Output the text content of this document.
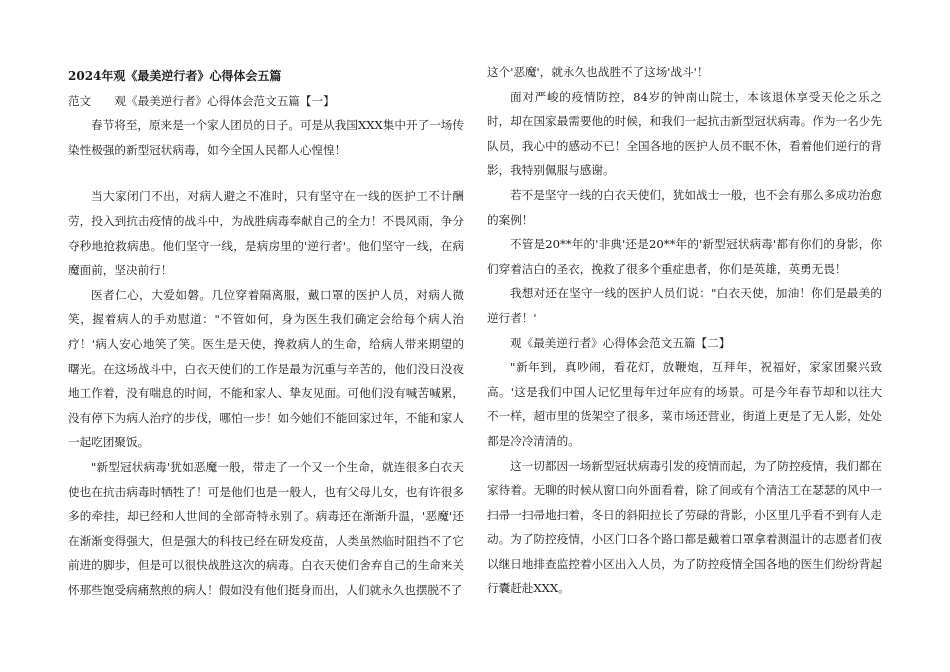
2024年观《最美逆行者》心得体会五篇

范文　　观《最美逆行者》心得体会范文五篇【一】

春节将至，原来是一个家人团员的日子。可是从我国XXX集中开了一场传染性极强的新型冠状病毒，如今全国人民都人心惶惶！

当大家闭门不出，对病人避之不准时，只有坚守在一线的医护工不计酬劳，投入到抗击疫情的战斗中，为战胜病毒奉献自己的全力！不畏风雨，争分夺秒地抢救病患。他们坚守一线，是病房里的'逆行者'。他们坚守一线，在病魔面前，坚决前行！

医者仁心，大爱如磐。几位穿着隔离服，戴口罩的医护人员，对病人微笑，握着病人的手劝慰道："不管如何，身为医生我们确定会给每个病人治疗！'病人安心地笑了笑。医生是天使，搀救病人的生命，给病人带来期望的曙光。在这场战斗中，白衣天使们的工作是最为沉重与辛苦的，他们没日没夜地工作着，没有喘息的时间，不能和家人、挚友见面。可他们没有喊苦喊累，没有停下为病人治疗的步伐，哪怕一步！如今她们不能回家过年，不能和家人一起吃团聚饭。

"新型冠状病毒'犹如恶魔一般，带走了一个又一个生命，就连很多白衣天使也在抗击病毒时牺牲了！可是他们也是一般人，也有父母儿女，也有许很多多的牵挂，却已经和人世间的全部奇特永别了。病毒还在渐渐升温，'恶魔'还在渐渐变得强大，但是强大的科技已经在研发疫苗，人类虽然临时阻挡不了它前进的脚步，但是可以很快战胜这次的病毒。白衣天使们舍弃自己的生命来关怀那些饱受病痛熬煎的病人！假如没有他们挺身而出，人们就永久也摆脱不了

这个'恶魔'，就永久也战胜不了这场'战斗'！

面对严峻的疫情防控，84岁的钟南山院士，本该退休享受天伦之乐之时，却在国家最需要他的时候，和我们一起抗击新型冠状病毒。作为一名少先队员，我心中的感动不已！全国各地的医护人员不眠不休，看着他们逆行的背影，我特别佩服与感谢。

若不是坚守一线的白衣天使们，犹如战士一般，也不会有那么多成功治愈的案例！

不管是20**年的'非典'还是20**年的'新型冠状病毒'都有你们的身影，你们穿着洁白的圣衣，挽救了很多个重症患者，你们是英雄，英勇无畏！

我想对还在坚守一线的医护人员们说："白衣天使，加油！你们是最美的逆行者！'

观《最美逆行者》心得体会范文五篇【二】

"新年到，真吵闹，看花灯，放鞭炮，互拜年，祝福好，家家团聚兴致高。'这是我们中国人记忆里每年过年应有的场景。可是今年春节却和以往大不一样，超市里的货架空了很多，菜市场还营业，街道上更是了无人影，处处都是冷冷清清的。

这一切都因一场新型冠状病毒引发的疫情而起，为了防控疫情，我们都在家待着。无聊的时候从窗口向外面看着，除了间或有个清洁工在瑟瑟的风中一扫帚一扫帚地扫着，冬日的斜阳拉长了劳碌的背影，小区里几乎看不到有人走动。为了防控疫情，小区门口各个路口都是戴着口罩拿着测温计的志愿者们夜以继日地排查监控着小区出入人员，为了防控疫情全国各地的医生们纷纷背起行囊赶赴XXX。
